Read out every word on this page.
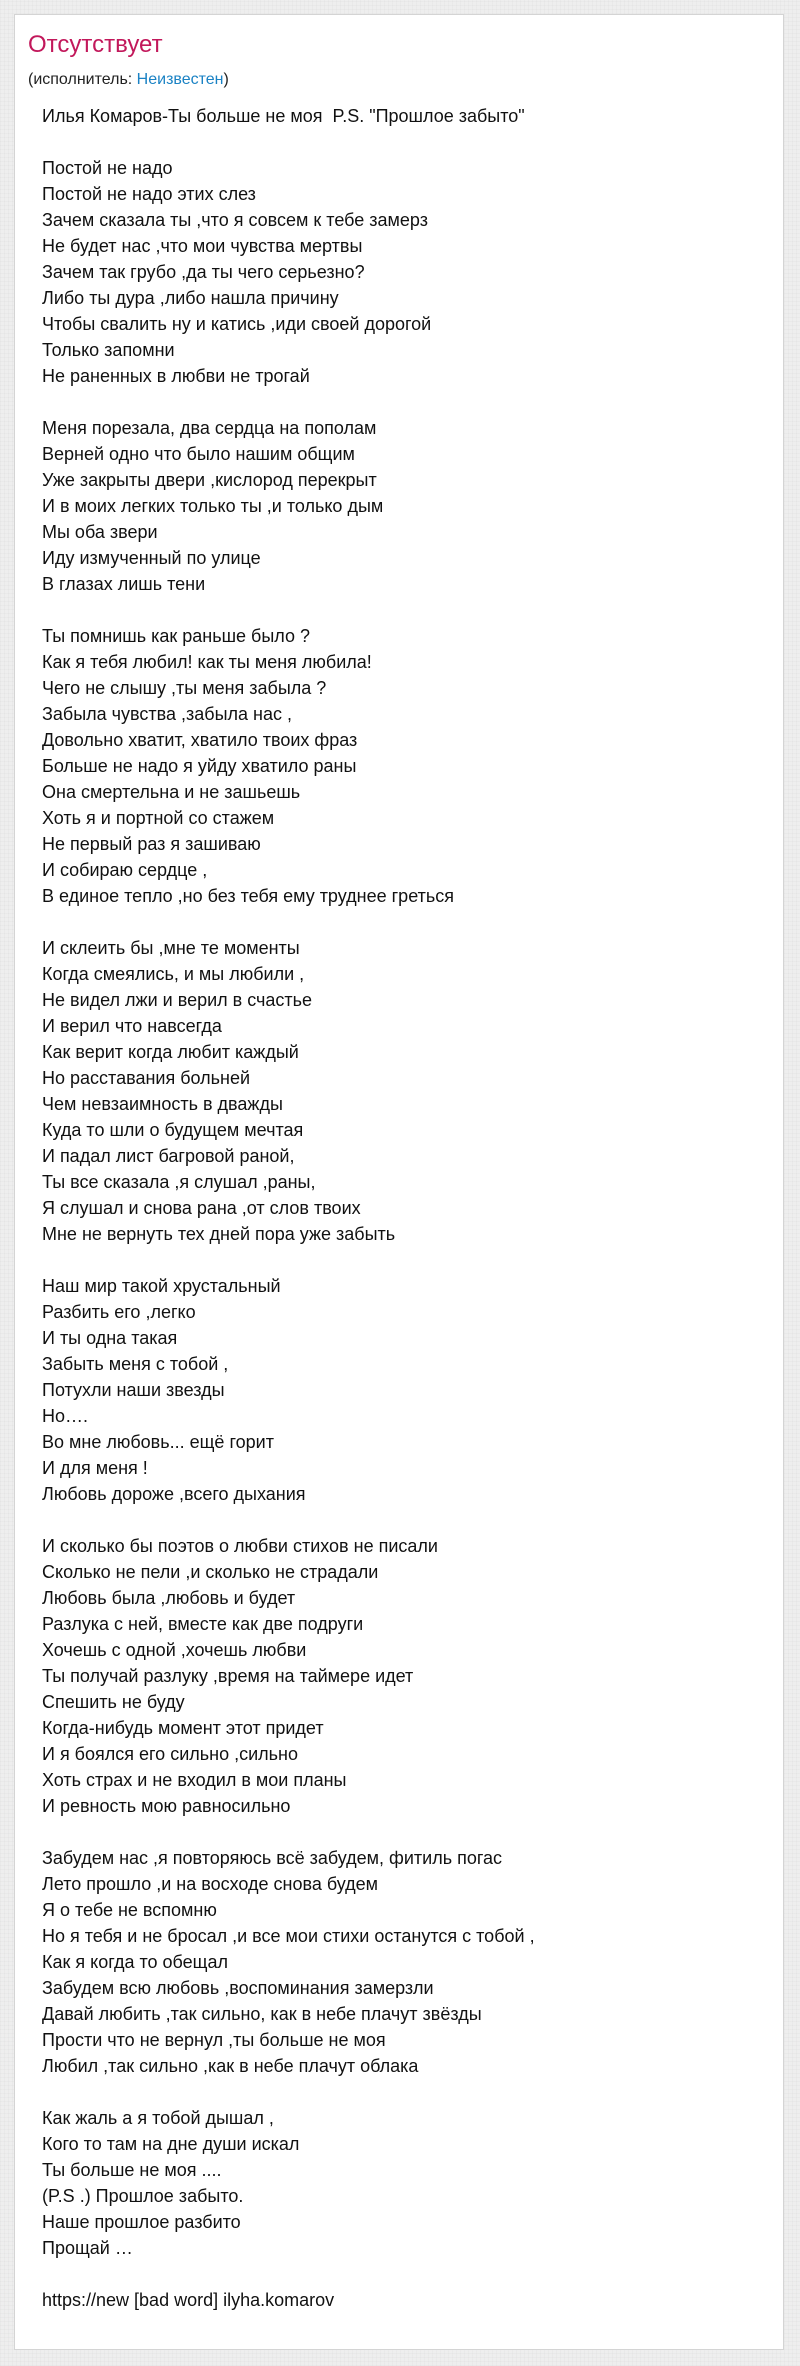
Отсутствует
(исполнитель: Неизвестен)
Илья Комаров-Ты больше не моя  P.S. "Прошлое забыто"
Постой не надо
Постой не надо этих слез
Зачем сказала ты ,что я совсем к тебе замерз
Не будет нас ,что мои чувства мертвы
Зачем так грубо ,да ты чего серьезно?
Либо ты дура ,либо нашла причину
Чтобы свалить ну и катись ,иди своей дорогой
Только запомни
Не раненных в любви не трогай
Меня порезала, два сердца на пополам
Верней одно что было нашим общим
Уже закрыты двери ,кислород перекрыт
И в моих легких только ты ,и только дым
Мы оба звери
Иду измученный по улице
В глазах лишь тени
Ты помнишь как раньше было ?
Как я тебя любил! как ты меня любила!
Чего не слышу ,ты меня забыла ?
Забыла чувства ,забыла нас ,
Довольно хватит, хватило твоих фраз
Больше не надо я уйду хватило раны
Она смертельна и не зашьешь
Хоть я и портной со стажем
Не первый раз я зашиваю
И собираю сердце ,
В единое тепло ,но без тебя ему труднее греться
И склеить бы ,мне те моменты
Когда смеялись, и мы любили ,
Не видел лжи и верил в счастье
И верил что навсегда
Как верит когда любит каждый
Но расставания больней
Чем невзаимность в дважды
Куда то шли о будущем мечтая
И падал лист багровой раной,
Ты все сказала ,я слушал ,раны,
Я слушал и снова рана ,от слов твоих
Мне не вернуть тех дней пора уже забыть
Наш мир такой хрустальный
Разбить его ,легко
И ты одна такая
Забыть меня с тобой ,
Потухли наши звезды
Но….
Во мне любовь... ещё горит
И для меня !
Любовь дороже ,всего дыхания
И сколько бы поэтов о любви стихов не писали
Сколько не пели ,и сколько не страдали
Любовь была ,любовь и будет
Разлука с ней, вместе как две подруги
Хочешь с одной ,хочешь любви
Ты получай разлуку ,время на таймере идет
Спешить не буду
Когда-нибудь момент этот придет
И я боялся его сильно ,сильно
Хоть страх и не входил в мои планы
И ревность мою равносильно
Забудем нас ,я повторяюсь всё забудем, фитиль погас
Лето прошло ,и на восходе снова будем
Я о тебе не вспомню
Но я тебя и не бросал ,и все мои стихи останутся с тобой ,
Как я когда то обещал
Забудем всю любовь ,воспоминания замерзли
Давай любить ,так сильно, как в небе плачут звёзды
Прости что не вернул ,ты больше не моя
Любил ,так сильно ,как в небе плачут облака
Как жаль а я тобой дышал ,
Кого то там на дне души искал
Ты больше не моя ....
(P.S .) Прошлое забыто.
Наше прошлое разбито
Прощай …
https://new [bad word] ilyha.komarov
